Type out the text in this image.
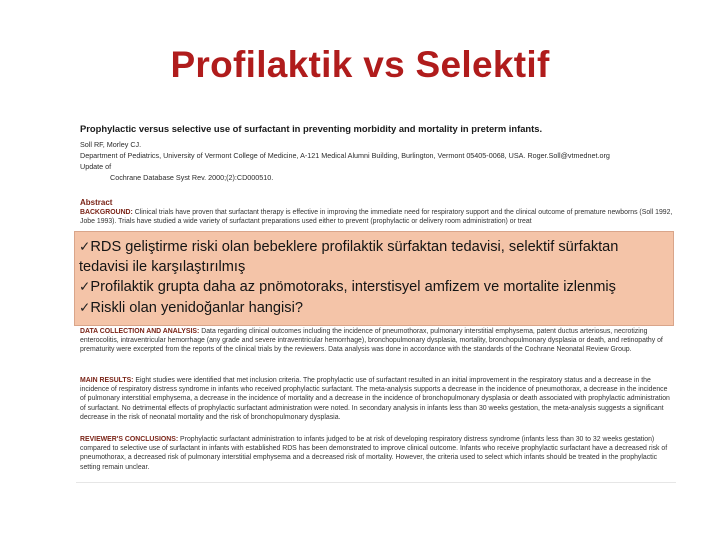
Profilaktik vs Selektif
Prophylactic versus selective use of surfactant in preventing morbidity and mortality in preterm infants.
Soll RF, Morley CJ.
Department of Pediatrics, University of Vermont College of Medicine, A-121 Medical Alumni Building, Burlington, Vermont 05405-0068, USA. Roger.Soll@vtmednet.org
Update of
Cochrane Database Syst Rev. 2000;(2):CD000510.
Abstract

BACKGROUND: Clinical trials have proven that surfactant therapy is effective in improving the immediate need for respiratory support and the clinical outcome of premature newborns (Soll 1992, Jobe 1993). Trials have studied a wide variety of surfactant preparations used either to prevent (prophylactic or delivery room administration) or treat

DATA COLLECTION AND ANALYSIS: Data regarding clinical outcomes including the incidence of pneumothorax, pulmonary interstitial emphysema, patent ductus arteriosus, necrotizing enterocolitis, intraventricular hemorrhage (any grade and severe intraventricular hemorrhage), bronchopulmonary dysplasia, mortality, bronchopulmonary dysplasia or death, and retinopathy of prematurity were excerpted from the reports of the clinical trials by the reviewers. Data analysis was done in accordance with the standards of the Cochrane Neonatal Review Group.

MAIN RESULTS: Eight studies were identified that met inclusion criteria. The prophylactic use of surfactant resulted in an initial improvement in the respiratory status and a decrease in the incidence of respiratory distress syndrome in infants who received prophylactic surfactant. The meta-analysis supports a decrease in the incidence of pneumothorax, a decrease in the incidence of pulmonary interstitial emphysema, a decrease in the incidence of mortality and a decrease in the incidence of bronchopulmonary dysplasia or death associated with prophylactic administration of surfactant. No detrimental effects of prophylactic surfactant administration were noted. In secondary analysis in infants less than 30 weeks gestation, the meta-analysis suggests a significant decrease in the risk of neonatal mortality and the risk of bronchopulmonary dysplasia.

REVIEWER'S CONCLUSIONS: Prophylactic surfactant administration to infants judged to be at risk of developing respiratory distress syndrome (infants less than 30 to 32 weeks gestation) compared to selective use of surfactant in infants with established RDS has been demonstrated to improve clinical outcome. Infants who receive prophylactic surfactant have a decreased risk of pneumothorax, a decreased risk of pulmonary interstitial emphysema and a decreased risk of mortality. However, the criteria used to select which infants should be treated in the prophylactic setting remain unclear.

✓RDS geliştirme riski olan bebeklere profilaktik sürfaktan tedavisi, selektif sürfaktan
tedavisi ile karşılaştırılmış
✓Profilaktik grupta daha az pnömotoraks, interstisyel amfizem ve mortalite izlenmiş
✓Riskli olan yenidoğanlar hangisi?
